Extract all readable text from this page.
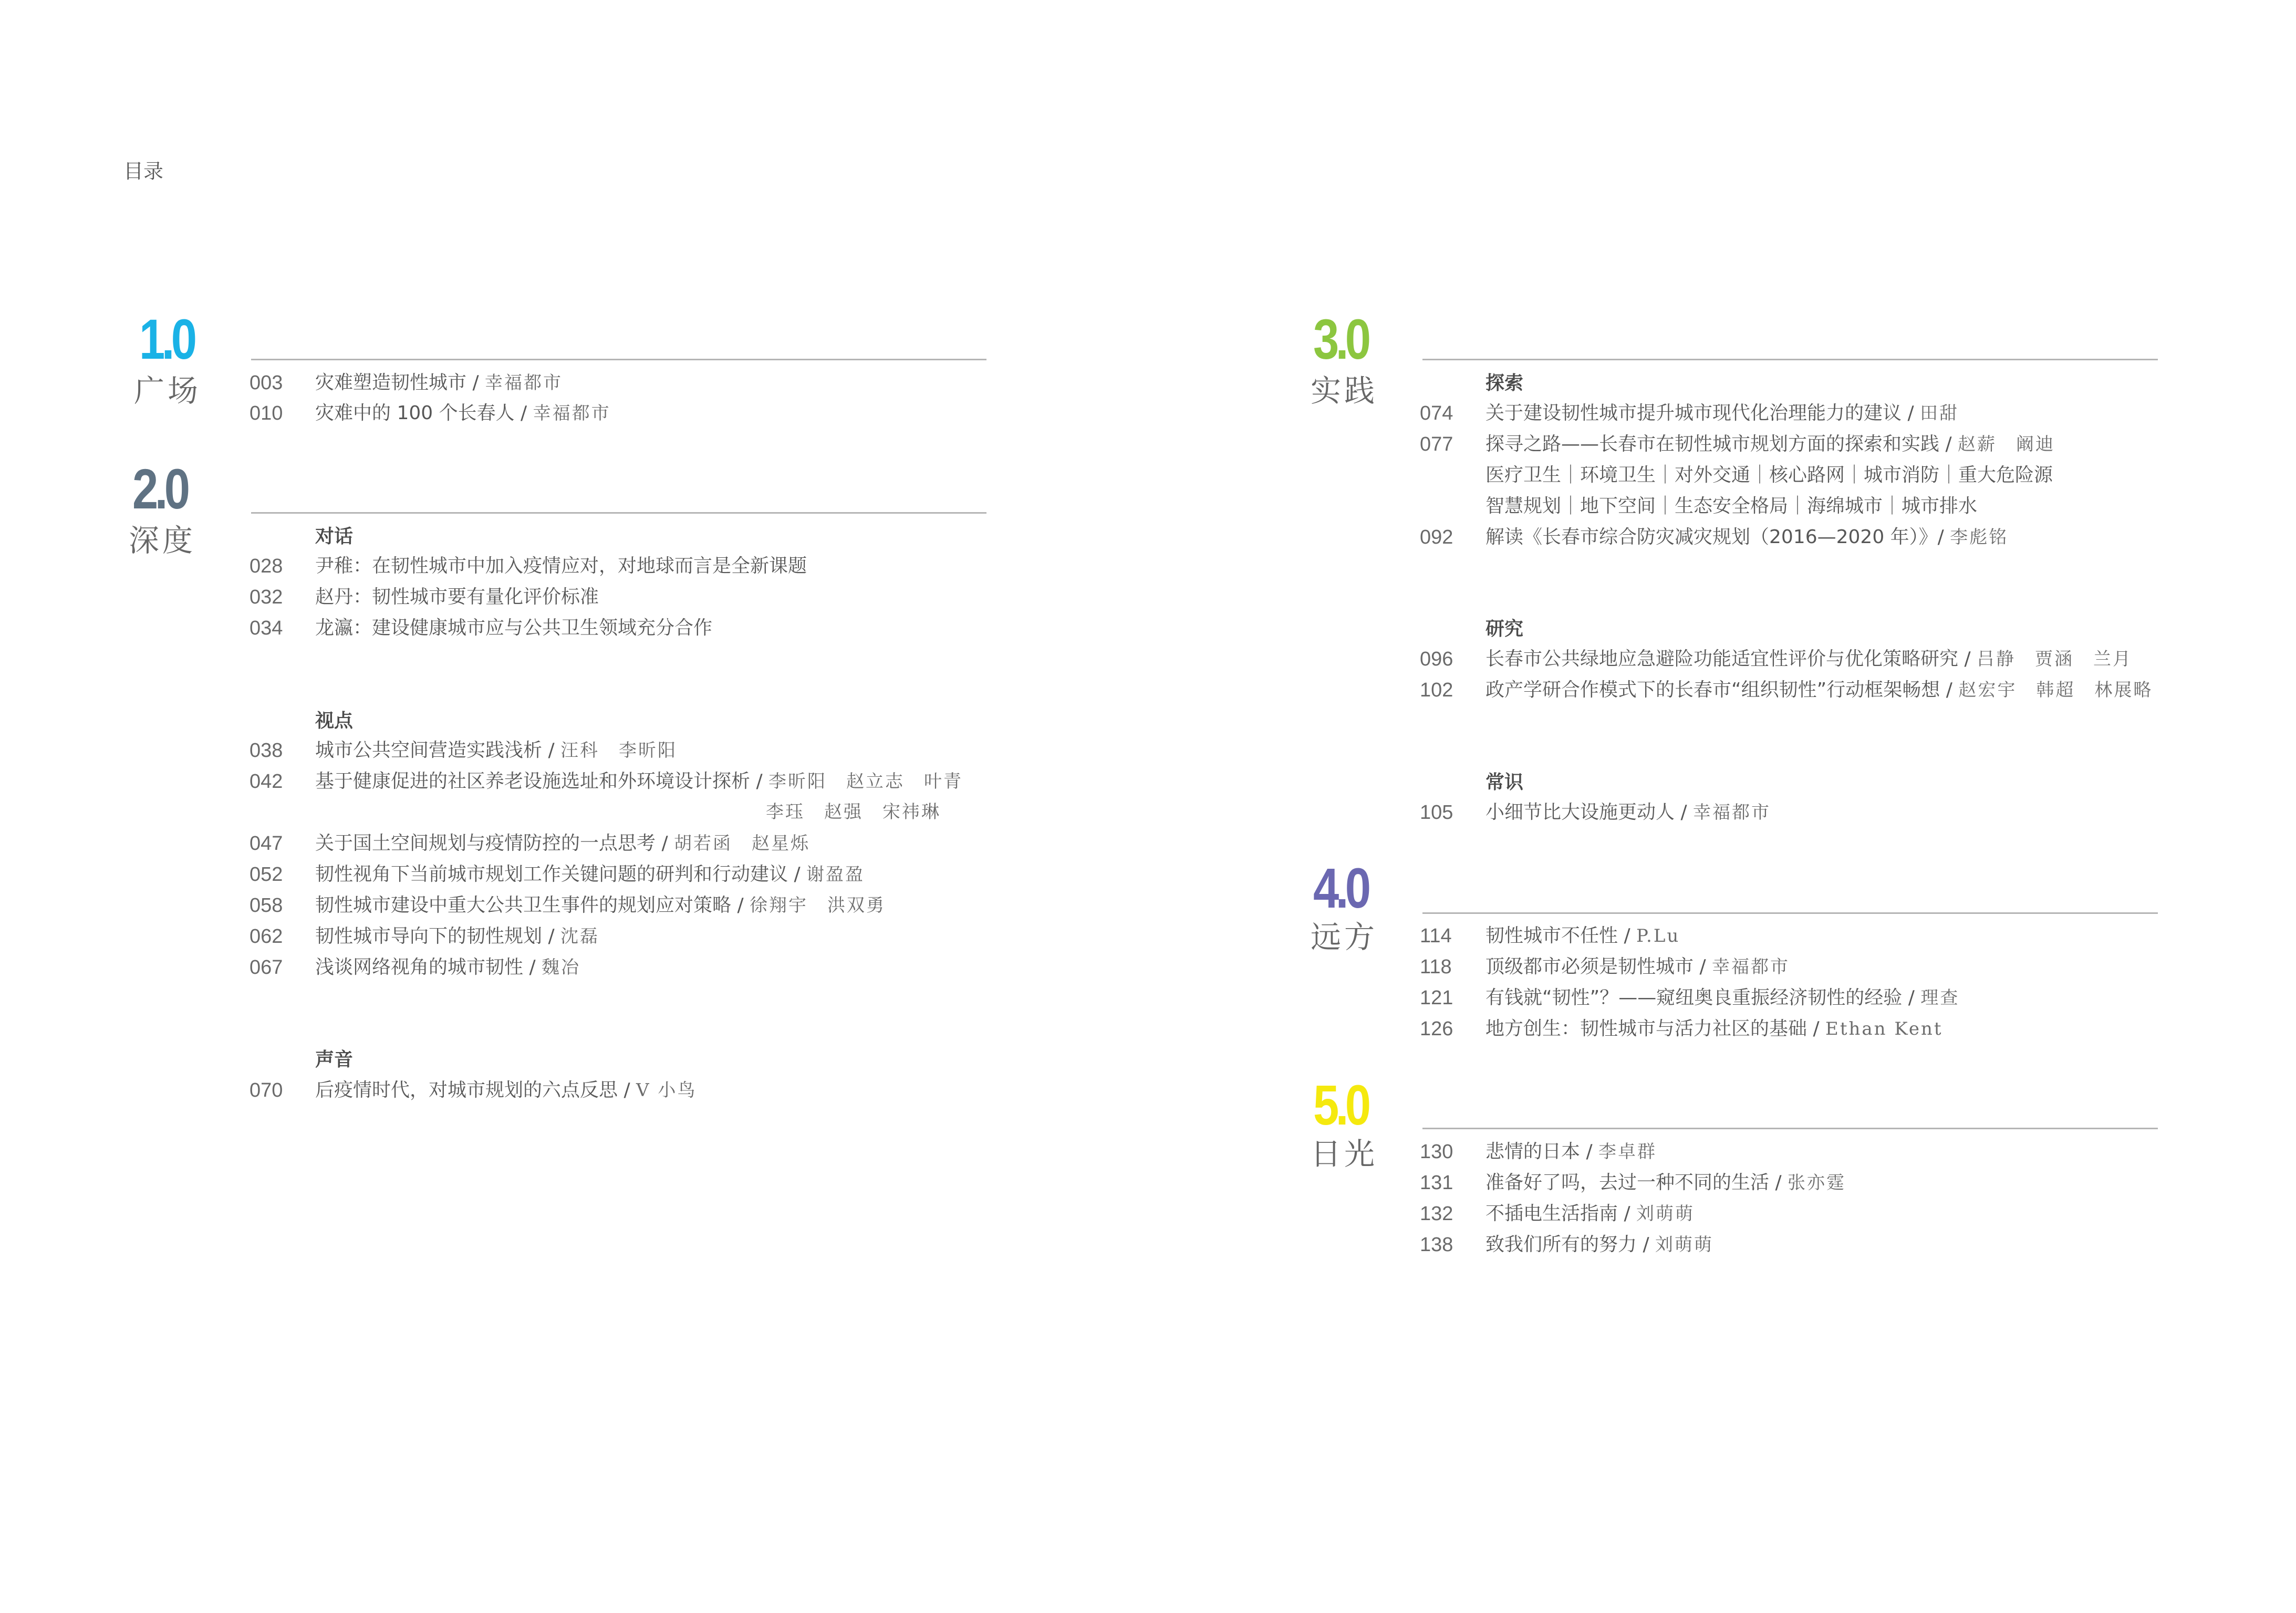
目录
1.0
广场 003 灾难塑造韧性城市 / 幸福都市
010 灾难中的 100 个长春人 / 幸福都市
2.0
深度	对话
028 尹稚：在韧性城市中加入疫情应对，对地球而言是全新课题
032 赵丹：韧性城市要有量化评价标准
034 龙瀛：建设健康城市应与公共卫生领域充分合作
视点
038 城市公共空间营造实践浅析 / 汪科　李昕阳
042 基于健康促进的社区养老设施选址和外环境设计探析 / 李昕阳　赵立志　叶青
李珏　赵强　宋祎琳
047 关于国土空间规划与疫情防控的一点思考 / 胡若函　赵星烁
052 韧性视角下当前城市规划工作关键问题的研判和行动建议 / 谢盈盈
058 韧性城市建设中重大公共卫生事件的规划应对策略 / 徐翔宇　洪双勇
062 韧性城市导向下的韧性规划 / 沈磊
067 浅谈网络视角的城市韧性 / 魏冶
声音
070 后疫情时代，对城市规划的六点反思 / V 小鸟
3.0
实践	探索
074 关于建设韧性城市提升城市现代化治理能力的建议 / 田甜
077 探寻之路——长春市在韧性城市规划方面的探索和实践 / 赵薪　阚迪
医疗卫生｜环境卫生｜对外交通｜核心路网｜城市消防｜重大危险源
智慧规划｜地下空间｜生态安全格局｜海绵城市｜城市排水
092 解读《长春市综合防灾减灾规划（2016—2020 年）》/ 李彪铭
研究
096 长春市公共绿地应急避险功能适宜性评价与优化策略研究 / 吕静　贾涵　兰月
102 政产学研合作模式下的长春市“组织韧性”行动框架畅想 / 赵宏宇　韩超　林展略
常识
105 小细节比大设施更动人 / 幸福都市
4.0
远方 114 韧性城市不任性 / P.Lu
118 顶级都市必须是韧性城市 / 幸福都市
121 有钱就“韧性”？——窥纽奥良重振经济韧性的经验 / 理查
126 地方创生：韧性城市与活力社区的基础 / Ethan Kent
5.0
日光 130 悲情的日本 / 李卓群
131 准备好了吗，去过一种不同的生活 / 张亦霆
132 不插电生活指南 / 刘萌萌
138 致我们所有的努力 / 刘萌萌
